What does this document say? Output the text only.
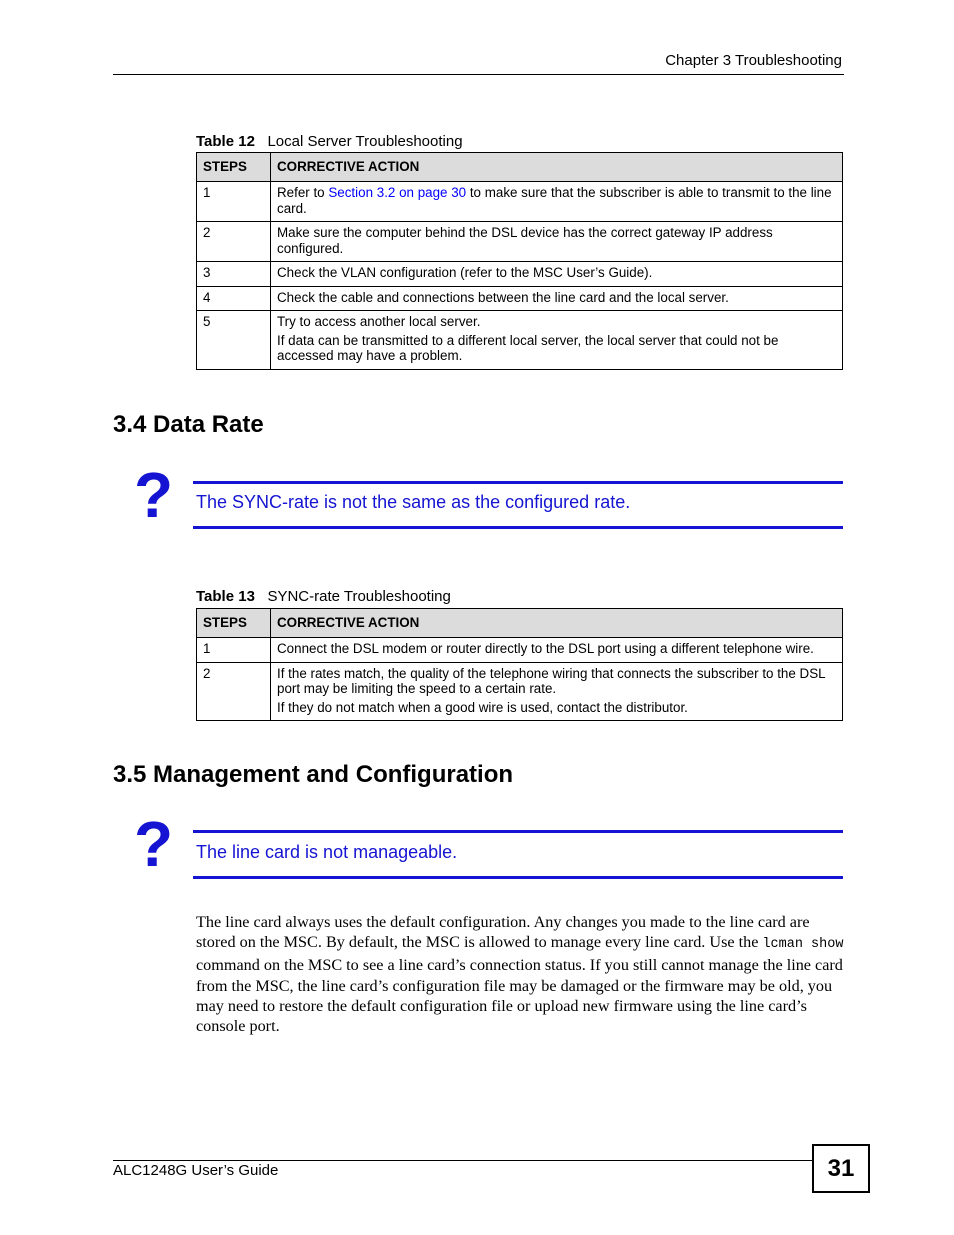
Chapter 3 Troubleshooting
Table 12 Local Server Troubleshooting
STEPS	CORRECTIVE ACTION
1	Refer to Section 3.2 on page 30 to make sure that the subscriber is able to transmit to the line card.

2	Make sure the computer behind the DSL device has the correct gateway IP address configured.

3	Check the VLAN configuration (refer to the MSC User’s Guide).

4	Check the cable and connections between the line card and the local server.

5	Try to access another local server.

If data can be transmitted to a different local server, the local server that could not be accessed may have a problem.

3.4 Data Rate
? The SYNC-rate is not the same as the configured rate.
Table 13 SYNC-rate Troubleshooting
STEPS	CORRECTIVE ACTION
1	Connect the DSL modem or router directly to the DSL port using a different telephone wire.

2	If the rates match, the quality of the telephone wiring that connects the subscriber to the DSL port may be limiting the speed to a certain rate.

If they do not match when a good wire is used, contact the distributor.

3.5 Management and Configuration
? The line card is not manageable.

The line card always uses the default configuration. Any changes you made to the line card are stored on the MSC. By default, the MSC is allowed to manage every line card. Use the lcman show command on the MSC to see a line card’s connection status. If you still cannot manage the line card from the MSC, the line card’s configuration file may be damaged or the firmware may be old, you may need to restore the default configuration file or upload new firmware using the line card’s console port.

ALC1248G User’s Guide	31
